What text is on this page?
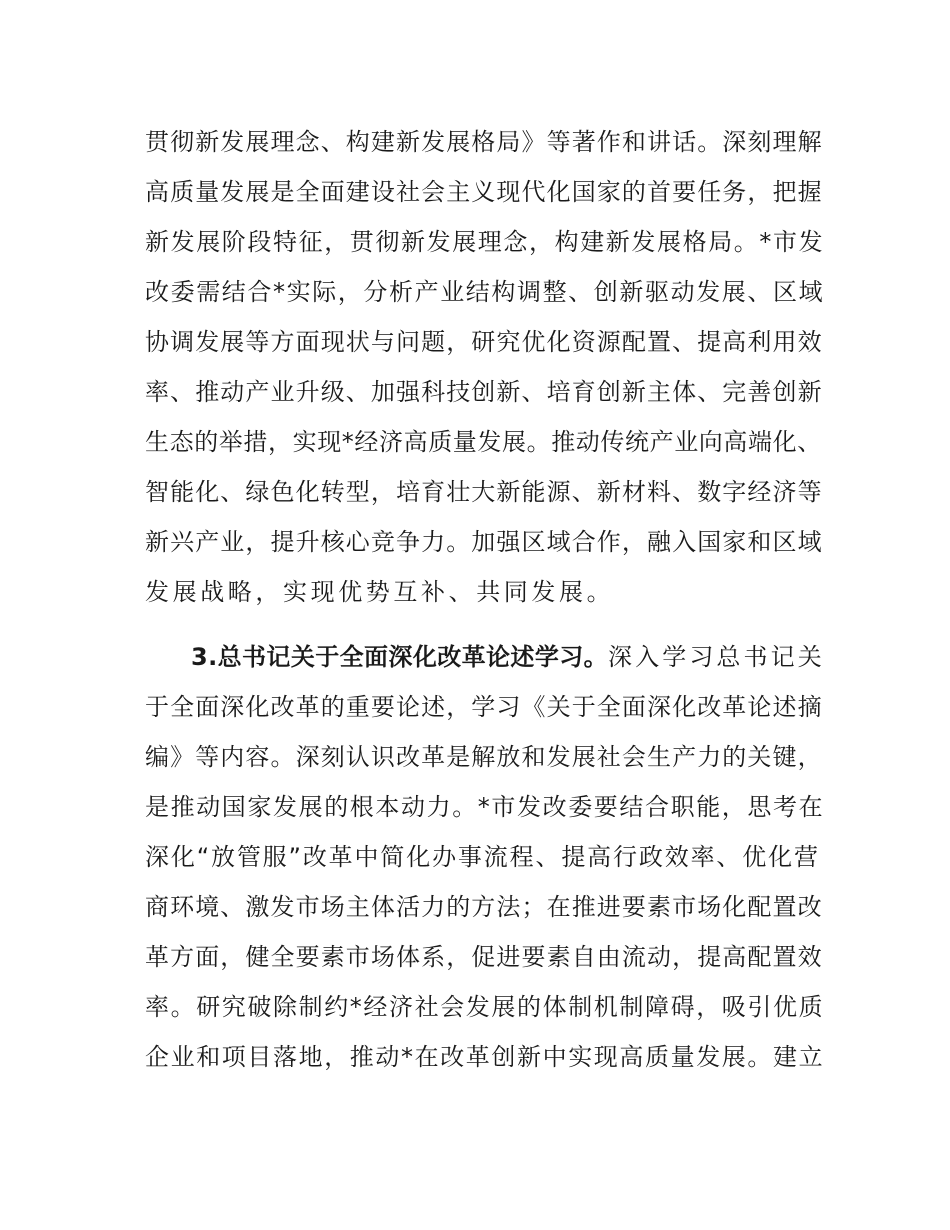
贯彻新发展理念、构建新发展格局》等著作和讲话。深刻理解
高质量发展是全面建设社会主义现代化国家的首要任务，把握
新发展阶段特征，贯彻新发展理念，构建新发展格局。*市发
改委需结合*实际，分析产业结构调整、创新驱动发展、区域
协调发展等方面现状与问题，研究优化资源配置、提高利用效
率、推动产业升级、加强科技创新、培育创新主体、完善创新
生态的举措，实现*经济高质量发展。推动传统产业向高端化、
智能化、绿色化转型，培育壮大新能源、新材料、数字经济等
新兴产业，提升核心竞争力。加强区域合作，融入国家和区域
发展战略，实现优势互补、共同发展。
3.总书记关于全面深化改革论述学习。深入学习总书记关
于全面深化改革的重要论述，学习《关于全面深化改革论述摘
编》等内容。深刻认识改革是解放和发展社会生产力的关键，
是推动国家发展的根本动力。*市发改委要结合职能，思考在
深化“放管服”改革中简化办事流程、提高行政效率、优化营
商环境、激发市场主体活力的方法；在推进要素市场化配置改
革方面，健全要素市场体系，促进要素自由流动，提高配置效
率。研究破除制约*经济社会发展的体制机制障碍，吸引优质
企业和项目落地，推动*在改革创新中实现高质量发展。建立
